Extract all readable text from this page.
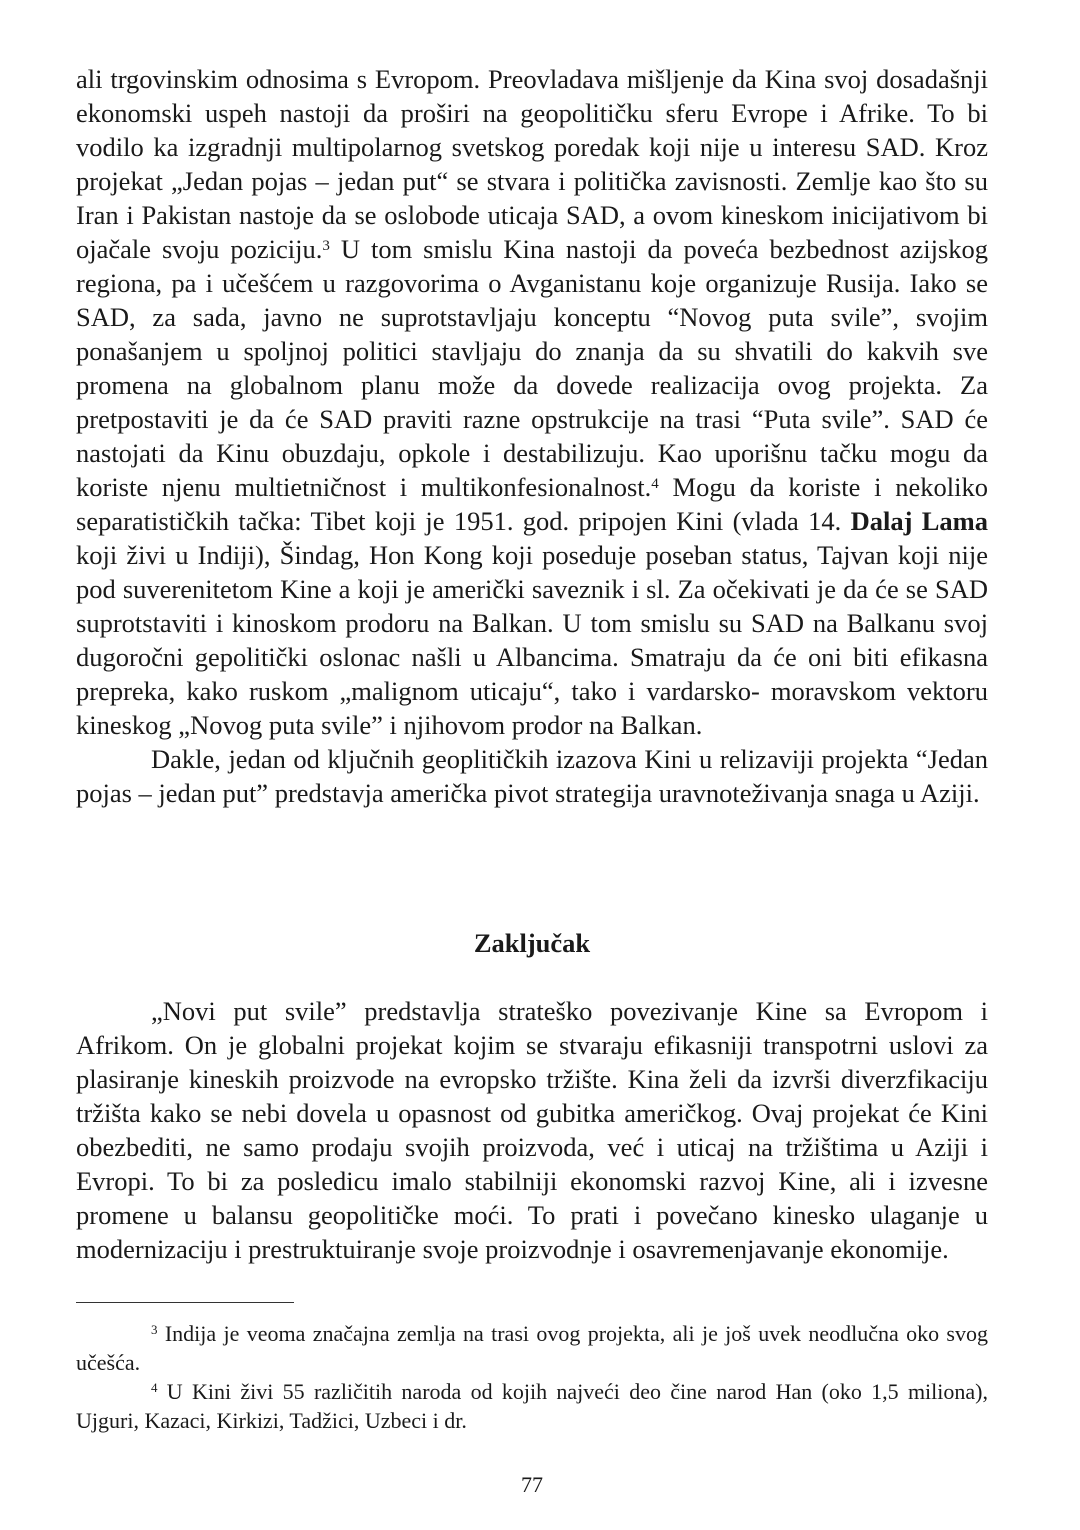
ali trgovinskim odnosima s Evropom. Preovladava mišljenje da Kina svoj dosadašnji ekonomski uspeh nastoji da proširi na geopolitičku sferu Evrope i Afrike. To bi vodilo ka izgradnji multipolarnog svetskog poredak koji nije u interesu SAD. Kroz projekat „Jedan pojas – jedan put“ se stvara i politička zavisnosti. Zemlje kao što su Iran i Pakistan nastoje da se oslobode uticaja SAD, a ovom kineskom inicijativom bi ojačale svoju poziciju.$^3$ U tom smislu Kina nastoji da poveća bezbednost azijskog regiona, pa i učešćem u razgovorima o Avganistanu koje organizuje Rusija. Iako se SAD, za sada, javno ne suprotstavljaju konceptu “Novog puta svile”, svojim ponašanjem u spoljnoj politici stavljaju do znanja da su shvatili do kakvih sve promena na globalnom planu može da dovede realizacija ovog projekta. Za pretpostaviti je da će SAD praviti razne opstrukcije na trasi “Puta svile”. SAD će nastojati da Kinu obuzdaju, opkole i destabilizuju. Kao uporišnu tačku mogu da koriste njenu multietničnost i multikonfesionalnost.$^4$ Mogu da koriste i nekoliko separatističkih tačka: Tibet koji je 1951. god. pripojen Kini (vlada 14. Dalaj Lama koji živi u Indiji), Šindag, Hon Kong koji poseduje poseban status, Tajvan koji nije pod suverenitetom Kine a koji je američki saveznik i sl. Za očekivati je da će se SAD suprotstaviti i kinoskom prodoru na Balkan. U tom smislu su SAD na Balkanu svoj dugoročni gepolitički oslonac našli u Albancima. Smatraju da će oni biti efikasna prepreka, kako ruskom „malignom uticaju“, tako i vardarsko- moravskom vektoru kineskog „Novog puta svile” i njihovom prodor na Balkan.

Dakle, jedan od ključnih geoplitičkih izazova Kini u relizaviji projekta “Jedan pojas – jedan put” predstavja američka pivot strategija uravnoteživanja snaga u Aziji.

Zaključak

„Novi put svile” predstavlja strateško povezivanje Kine sa Evropom i Afrikom. On je globalni projekat kojim se stvaraju efikasniji transpotrni uslovi za plasiranje kineskih proizvode na evropsko tržište. Kina želi da izvrši diverzfikaciju tržišta kako se nebi dovela u opasnost od gubitka američkog. Ovaj projekat će Kini obezbediti, ne samo prodaju svojih proizvoda, već i uticaj na tržištima u Aziji i Evropi. To bi za posledicu imalo stabilniji ekonomski razvoj Kine, ali i izvesne promene u balansu geopolitičke moći. To prati i povečano kinesko ulaganje u modernizaciju i prestruktuiranje svoje proizvodnje i osavremenjavanje ekonomije.

$^3$ Indija je veoma značajna zemlja na trasi ovog projekta, ali je još uvek neodlučna oko svog učešća.

$^4$ U Kini živi 55 različitih naroda od kojih najveći deo čine narod Han (oko 1,5 miliona), Ujguri, Kazaci, Kirkizi, Tadžici, Uzbeci i dr.

77
